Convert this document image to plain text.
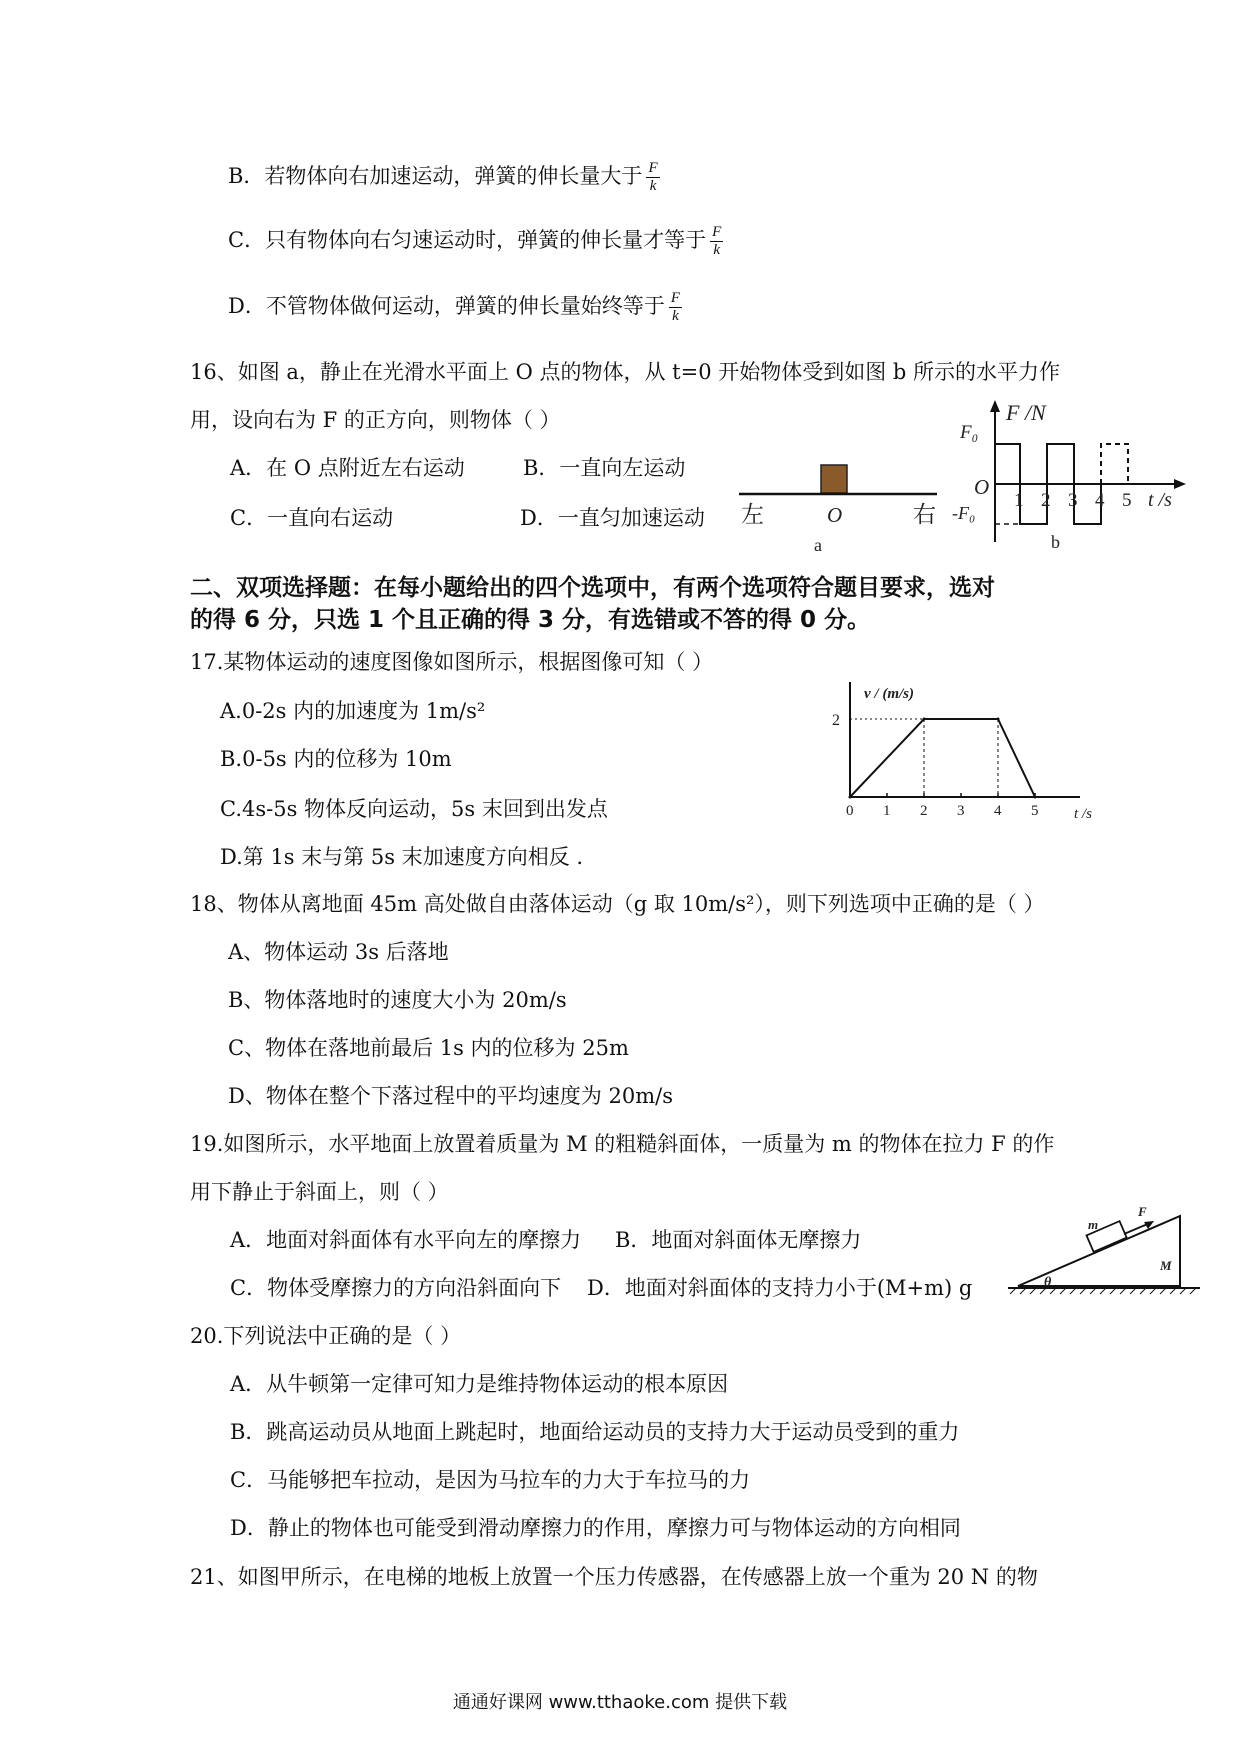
B．若物体向右加速运动，弹簧的伸长量大于 $\frac{F}{k}$
C．只有物体向右匀速运动时，弹簧的伸长量才等于 $\frac{F}{k}$
D．不管物体做何运动，弹簧的伸长量始终等于 $\frac{F}{k}$
16、如图 a，静止在光滑水平面上 O 点的物体，从 t=0 开始物体受到如图 b 所示的水平力作
用，设向右为 F 的正方向，则物体（ ）
A．在 O 点附近左右运动	B．一直向左运动
C．一直向右运动	D．一直匀加速运动 左	O	右
a
F /N
F₀
O
-F₀
1 2 3 4 5 t /s
b
二、双项选择题：在每小题给出的四个选项中，有两个选项符合题目要求，选对
的得 6 分，只选 1 个且正确的得 3 分，有选错或不答的得 0 分。
17.某物体运动的速度图像如图所示，根据图像可知（ ）
A.0-2s 内的加速度为 1m/s²
B.0-5s 内的位移为 10m
C.4s-5s 物体反向运动，5s 末回到出发点
D.第 1s 末与第 5s 末加速度方向相反 .
v / (m/s)
2
t /s
0 1 2 3 4 5
18、物体从离地面 45m 高处做自由落体运动（g 取 10m/s²），则下列选项中正确的是（ ）
A、物体运动 3s 后落地
B、物体落地时的速度大小为 20m/s
C、物体在落地前最后 1s 内的位移为 25m
D、物体在整个下落过程中的平均速度为 20m/s
19.如图所示，水平地面上放置着质量为 M 的粗糙斜面体，一质量为 m 的物体在拉力 F 的作
用下静止于斜面上，则（ ）
A．地面对斜面体有水平向左的摩擦力 B．地面对斜面体无摩擦力
C．物体受摩擦力的方向沿斜面向下 D．地面对斜面体的支持力小于(M+m) g
m
F
M
θ
20.下列说法中正确的是（ ）
A．从牛顿第一定律可知力是维持物体运动的根本原因
B．跳高运动员从地面上跳起时，地面给运动员的支持力大于运动员受到的重力
C．马能够把车拉动，是因为马拉车的力大于车拉马的力
D．静止的物体也可能受到滑动摩擦力的作用，摩擦力可与物体运动的方向相同
21、如图甲所示，在电梯的地板上放置一个压力传感器，在传感器上放一个重为 20 N 的物
通通好课网 www.tthaoke.com 提供下载
